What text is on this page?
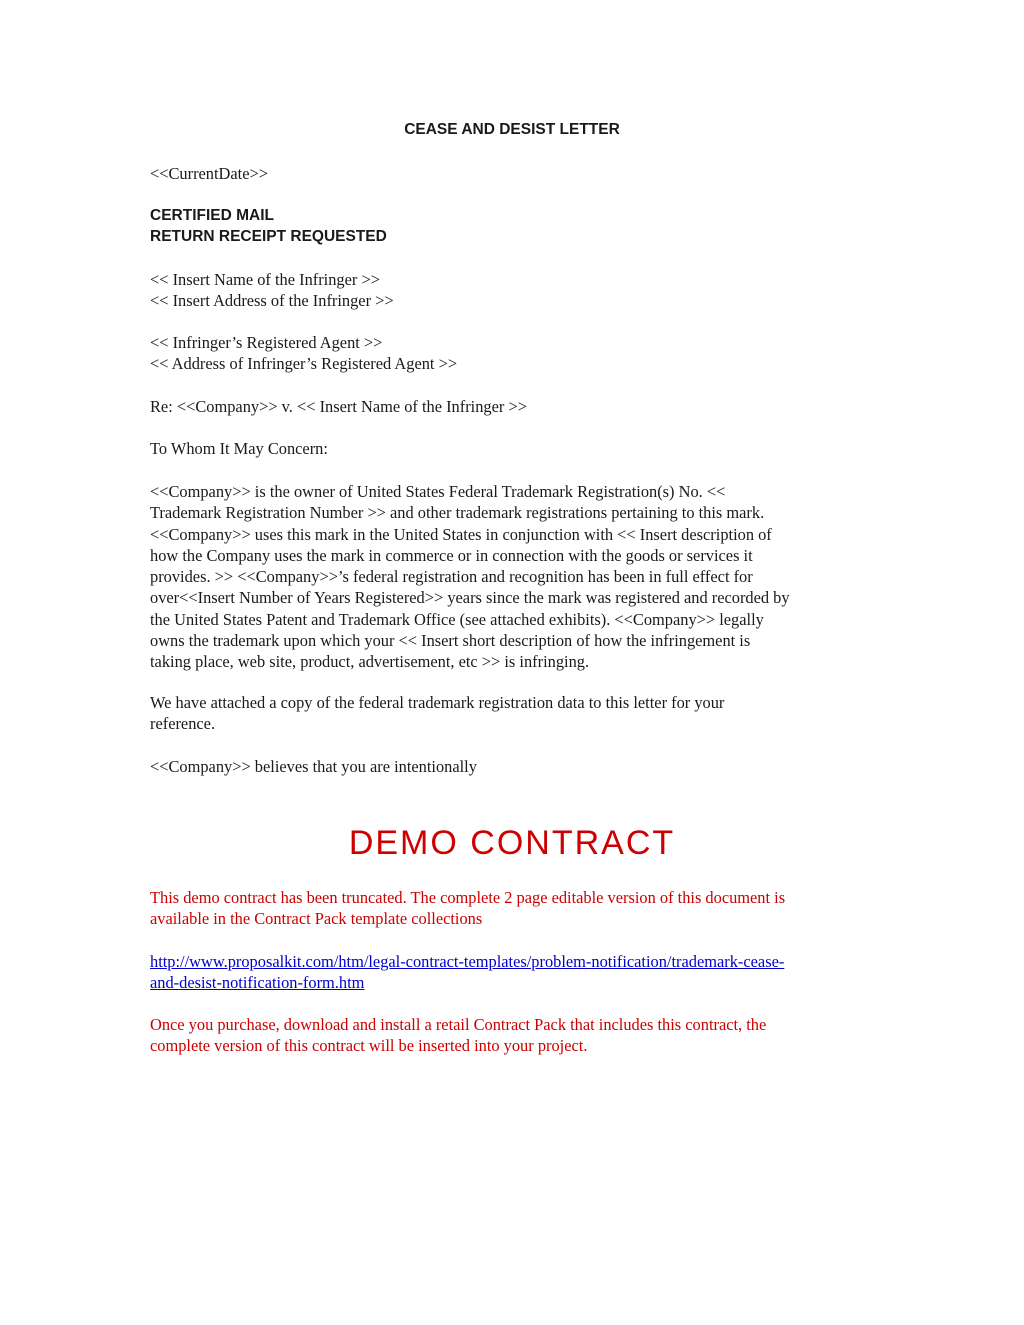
CEASE AND DESIST LETTER

<<CurrentDate>>

CERTIFIED MAIL
RETURN RECEIPT REQUESTED

<< Insert Name of the Infringer >>
<< Insert Address of the Infringer >>

<< Infringer’s Registered Agent >>
<< Address of Infringer’s Registered Agent >>

Re: <<Company>> v. << Insert Name of the Infringer >>

To Whom It May Concern:

<<Company>> is the owner of United States Federal Trademark Registration(s) No. <<
Trademark Registration Number >> and other trademark registrations pertaining to this mark.
<<Company>> uses this mark in the United States in conjunction with << Insert description of
how the Company uses the mark in commerce or in connection with the goods or services it
provides. >> <<Company>>’s federal registration and recognition has been in full effect for
over<<Insert Number of Years Registered>> years since the mark was registered and recorded by
the United States Patent and Trademark Office (see attached exhibits). <<Company>> legally
owns the trademark upon which your << Insert short description of how the infringement is
taking place, web site, product, advertisement, etc >> is infringing.

We have attached a copy of the federal trademark registration data to this letter for your
reference.

<<Company>> believes that you are intentionally

DEMO CONTRACT

This demo contract has been truncated. The complete 2 page editable version of this document is
available in the Contract Pack template collections

http://www.proposalkit.com/htm/legal-contract-templates/problem-notification/trademark-cease-
and-desist-notification-form.htm

Once you purchase, download and install a retail Contract Pack that includes this contract, the
complete version of this contract will be inserted into your project.
